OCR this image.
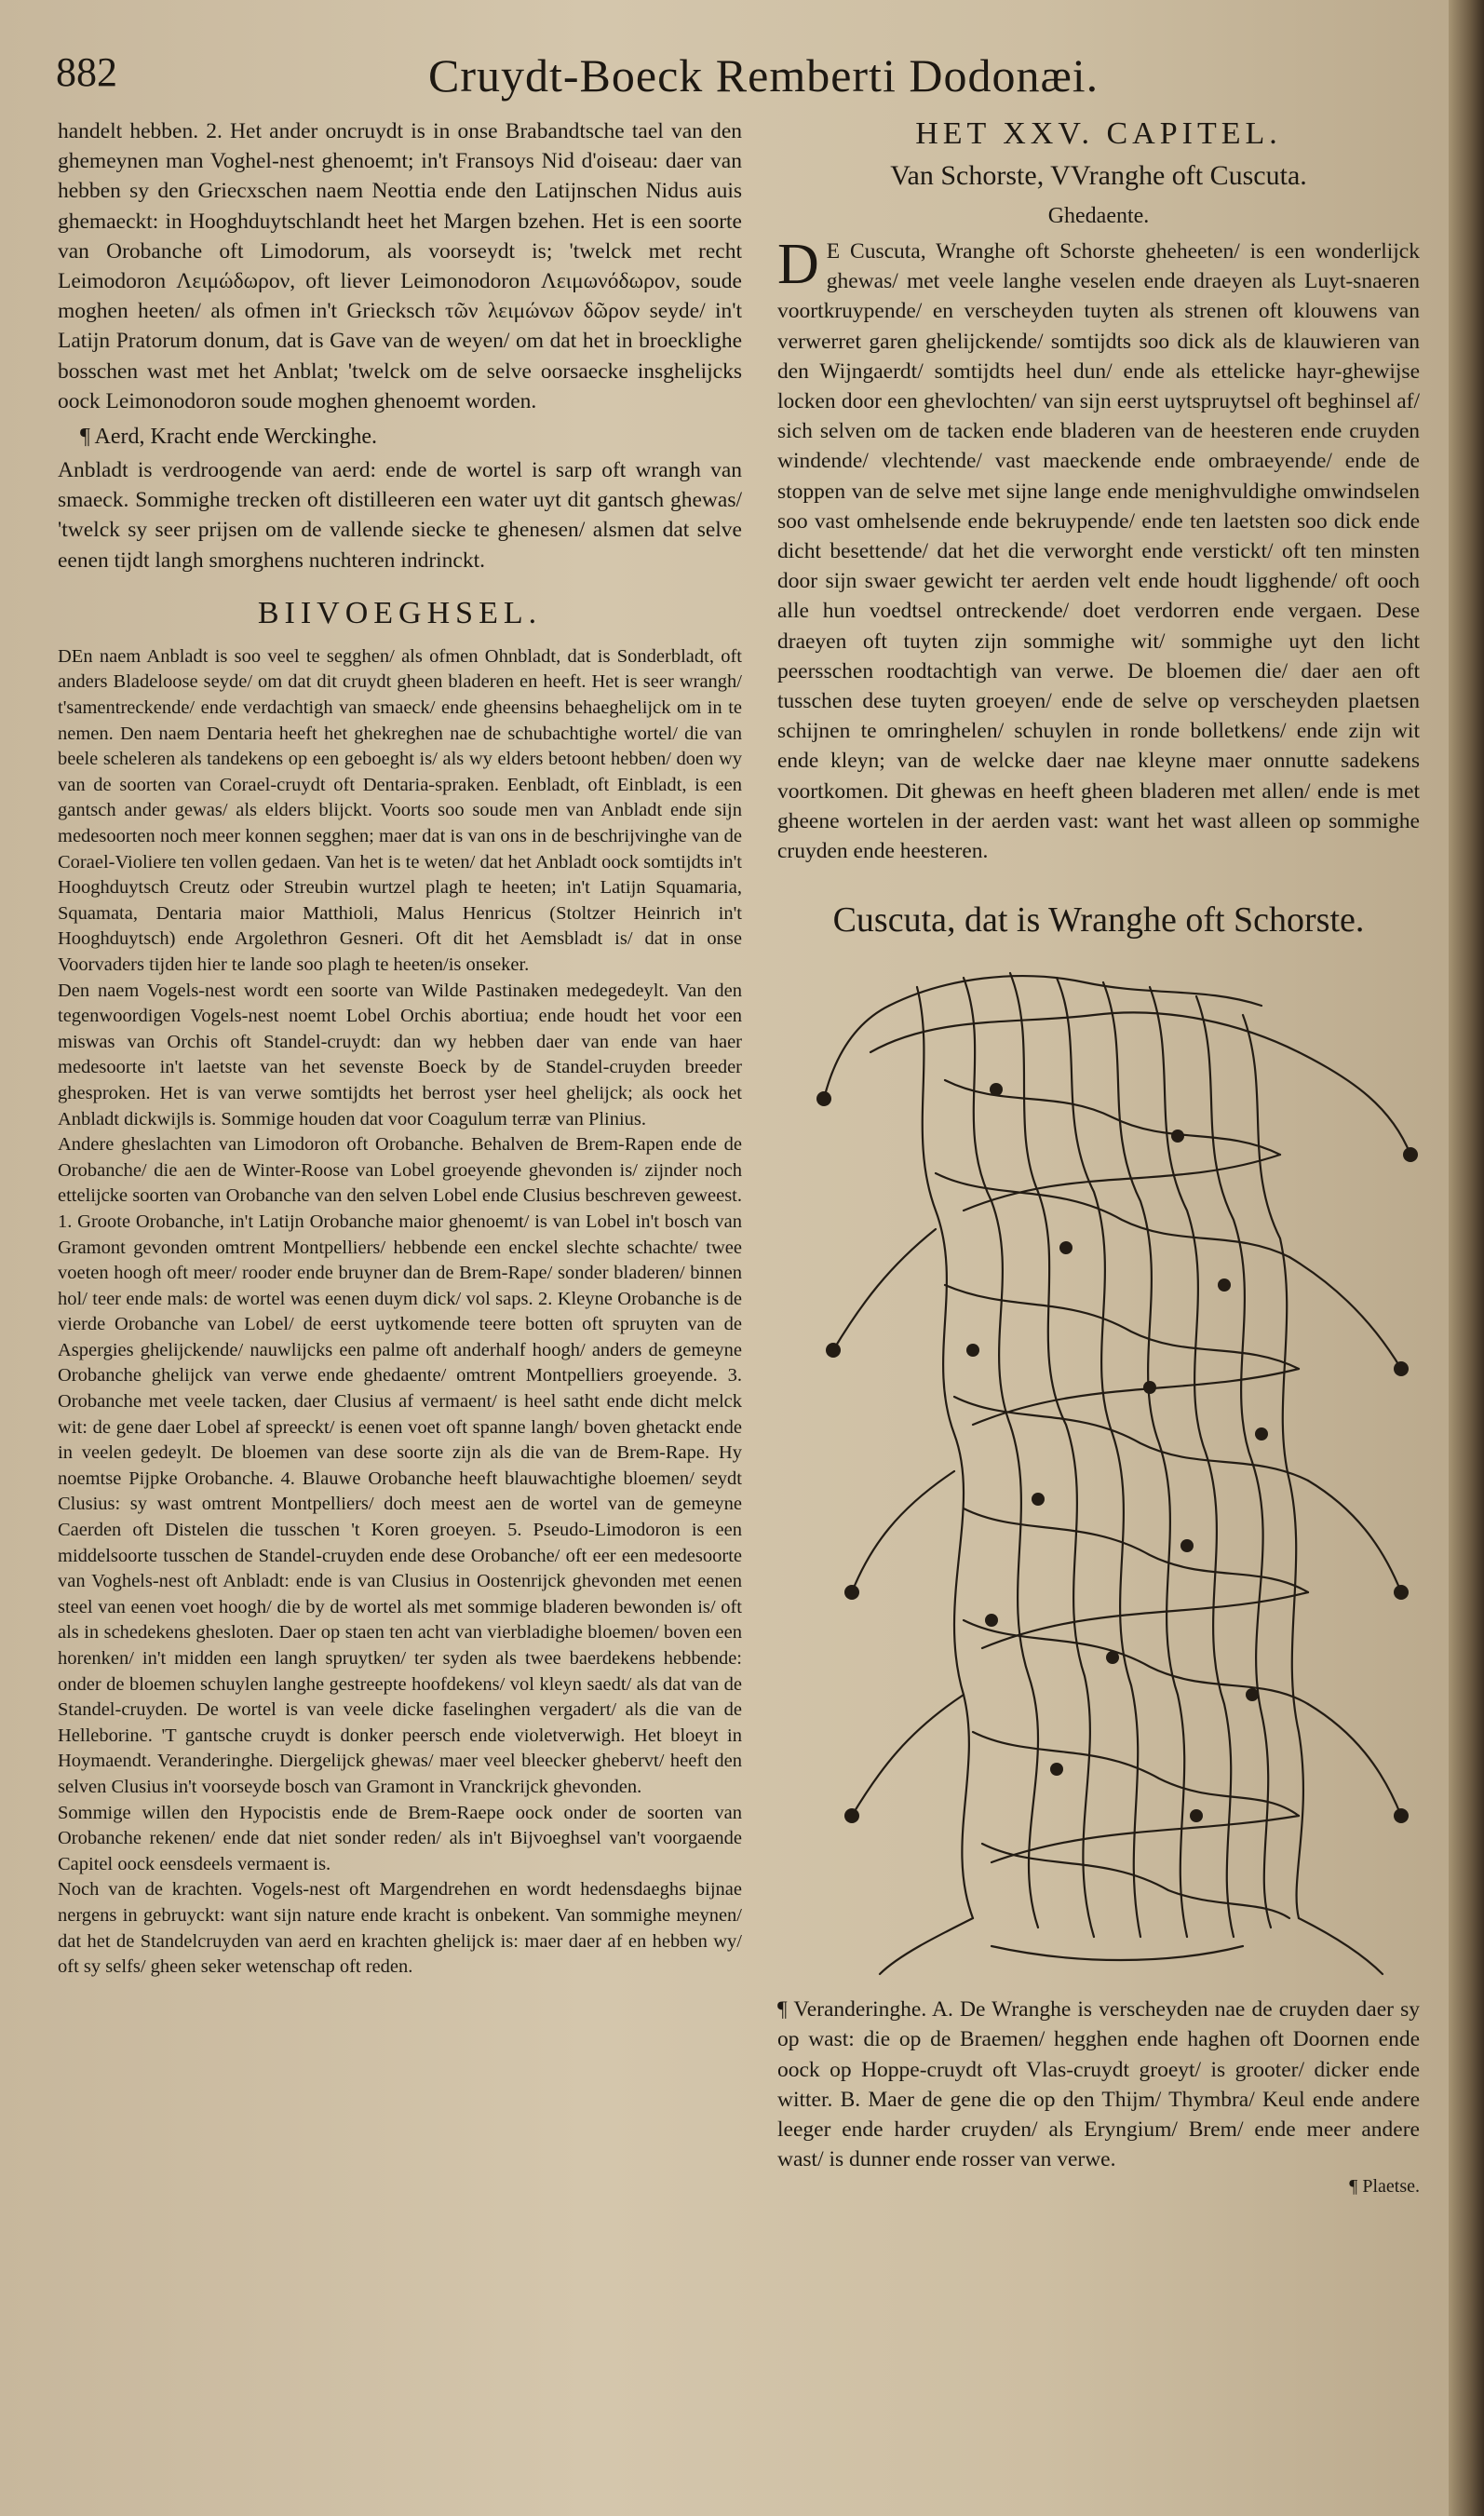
882	Cruydt-Boeck Remberti Dodonæi.

handelt hebben. 2. Het ander oncruydt is in onse Brabandtsche tael van den ghemeynen man Voghel-nest ghenoemt; in't Fransoys Nid d'oiseau: daer van hebben sy den Griecxschen naem Neottia ende den Latijnschen Nidus auis ghemaeckt: in Hooghduytschlandt heet het Margen bzehen. Het is een soorte van Orobanche oft Limodorum, als voorseydt is; 'twelck met recht Leimodoron Λειμώδωρον, oft liever Leimonodoron Λειμωνόδωρον, soude moghen heeten/ als ofmen in't Griecksch τῶν λειμώνων δῶρον seyde/ in't Latijn Pratorum donum, dat is Gave van de weyen/ om dat het in broecklighe bosschen wast met het Anblat; 'twelck om de selve oorsaecke insghelijcks oock Leimonodoron soude moghen ghenoemt worden.

¶ Aerd, Kracht ende Werckinghe.

Anbladt is verdroogende van aerd: ende de wortel is sarp oft wrangh van smaeck. Sommighe trecken oft distilleeren een water uyt dit gantsch ghewas/ 'twelck sy seer prijsen om de vallende siecke te ghenesen/ alsmen dat selve eenen tijdt langh smorghens nuchteren indrinckt.

BIIVOEGHSEL.

DEn naem Anbladt is soo veel te segghen/ als ofmen Ohnbladt, dat is Sonderbladt, oft anders Bladeloose seyde/ om dat dit cruydt gheen bladeren en heeft. Het is seer wrangh/ t'samentreckende/ ende verdachtigh van smaeck/ ende gheensins behaeghelijck om in te nemen. Den naem Dentaria heeft het ghekreghen nae de schubachtighe wortel/ die van beele scheleren als tandekens op een geboeght is/ als wy elders betoont hebben/ doen wy van de soorten van Corael-cruydt oft Dentaria-spraken. Eenbladt, oft Einbladt, is een gantsch ander gewas/ als elders blijckt. Voorts soo soude men van Anbladt ende sijn medesoorten noch meer konnen segghen; maer dat is van ons in de beschrijvinghe van de Corael-Violiere ten vollen gedaen. Van het is te weten/ dat het Anbladt oock somtijdts in't Hooghduytsch Creutz oder Streubin wurtzel plagh te heeten; in't Latijn Squamaria, Squamata, Dentaria maior Matthioli, Malus Henricus (Stoltzer Heinrich in't Hooghduytsch) ende Argolethron Gesneri. Oft dit het Aemsbladt is/ dat in onse Voorvaders tijden hier te lande soo plagh te heeten/is onseker.

Den naem Vogels-nest wordt een soorte van Wilde Pastinaken medegedeylt. Van den tegenwoordigen Vogels-nest noemt Lobel Orchis abortiua; ende houdt het voor een miswas van Orchis oft Standel-cruydt: dan wy hebben daer van ende van haer medesoorte in't laetste van het sevenste Boeck by de Standel-cruyden breeder ghesproken. Het is van verwe somtijdts het berrost yser heel ghelijck; als oock het Anbladt dickwijls is. Sommige houden dat voor Coagulum terræ van Plinius.

Andere gheslachten van Limodoron oft Orobanche. Behalven de Brem-Rapen ende de Orobanche/ die aen de Winter-Roose van Lobel groeyende ghevonden is/ zijnder noch ettelijcke soorten van Orobanche van den selven Lobel ende Clusius beschreven geweest. 1. Groote Orobanche, in't Latijn Orobanche maior ghenoemt/ is van Lobel in't bosch van Gramont gevonden omtrent Montpelliers/ hebbende een enckel slechte schachte/ twee voeten hoogh oft meer/ rooder ende bruyner dan de Brem-Rape/ sonder bladeren/ binnen hol/ teer ende mals: de wortel was eenen duym dick/ vol saps. 2. Kleyne Orobanche is de vierde Orobanche van Lobel/ de eerst uytkomende teere botten oft spruyten van de Aspergies ghelijckende/ nauwlijcks een palme oft anderhalf hoogh/ anders de gemeyne Orobanche ghelijck van verwe ende ghedaente/ omtrent Montpelliers groeyende. 3. Orobanche met veele tacken, daer Clusius af vermaent/ is heel satht ende dicht melck wit: de gene daer Lobel af spreeckt/ is eenen voet oft spanne langh/ boven ghetackt ende in veelen gedeylt. De bloemen van dese soorte zijn als die van de Brem-Rape. Hy noemtse Pijpke Orobanche. 4. Blauwe Orobanche heeft blauwachtighe bloemen/ seydt Clusius: sy wast omtrent Montpelliers/ doch meest aen de wortel van de gemeyne Caerden oft Distelen die tusschen 't Koren groeyen. 5. Pseudo-Limodoron is een middelsoorte tusschen de Standel-cruyden ende dese Orobanche/ oft eer een medesoorte van Voghels-nest oft Anbladt: ende is van Clusius in Oostenrijck ghevonden met eenen steel van eenen voet hoogh/ die by de wortel als met sommige bladeren bewonden is/ oft als in schedekens ghesloten. Daer op staen ten acht van vierbladighe bloemen/ boven een horenken/ in't midden een langh spruytken/ ter syden als twee baerdekens hebbende: onder de bloemen schuylen langhe gestreepte hoofdekens/ vol kleyn saedt/ als dat van de Standel-cruyden. De wortel is van veele dicke faselinghen vergadert/ als die van de Helleborine. 'T gantsche cruydt is donker peersch ende violetverwigh. Het bloeyt in Hoymaendt. Veranderinghe. Diergelijck ghewas/ maer veel bleecker ghebervt/ heeft den selven Clusius in't voorseyde bosch van Gramont in Vranckrijck ghevonden.

Sommige willen den Hypocistis ende de Brem-Raepe oock onder de soorten van Orobanche rekenen/ ende dat niet sonder reden/ als in't Bijvoeghsel van't voorgaende Capitel oock eensdeels vermaent is.

Noch van de krachten. Vogels-nest oft Margendrehen en wordt hedensdaeghs bijnae nergens in gebruyckt: want sijn nature ende kracht is onbekent. Van sommighe meynen/ dat het de Standelcruyden van aerd en krachten ghelijck is: maer daer af en hebben wy/ oft sy selfs/ gheen seker wetenschap oft reden.

HET XXV. CAPITEL.
Van Schorste, VVranghe oft Cuscuta.
Ghedaente.

D E Cuscuta, Wranghe oft Schorste gheheeten/ is een wonderlijck ghewas/ met veele langhe veselen ende draeyen als Luyt-snaeren voortkruypende/ en verscheyden tuyten als strenen oft klouwens van verwerret garen ghelijckende/ somtijdts soo dick als de klauwieren van den Wijngaerdt/ somtijdts heel dun/ ende als ettelicke hayr-ghewijse locken door een ghevlochten/ van sijn eerst uytspruytsel oft beghinsel af/ sich selven om de tacken ende bladeren van de heesteren ende cruyden windende/ vlechtende/ vast maeckende ende ombraeyende/ ende de stoppen van de selve met sijne lange ende menighvuldighe omwindselen soo vast omhelsende ende bekruypende/ ende ten laetsten soo dick ende dicht besettende/ dat het die verworght ende verstickt/ oft ten minsten door sijn swaer gewicht ter aerden velt ende houdt ligghende/ oft ooch alle hun voedtsel ontreckende/ doet verdorren ende vergaen. Dese draeyen oft tuyten zijn sommighe wit/ sommighe uyt den licht peersschen roodtachtigh van verwe. De bloemen die/ daer aen oft tusschen dese tuyten groeyen/ ende de selve op verscheyden plaetsen schijnen te omringhelen/ schuylen in ronde bolletkens/ ende zijn wit ende kleyn; van de welcke daer nae kleyne maer onnutte sadekens voortkomen. Dit ghewas en heeft gheen bladeren met allen/ ende is met gheene wortelen in der aerden vast: want het wast alleen op sommighe cruyden ende heesteren.

Cuscuta, dat is Wranghe oft Schorste.

¶ Veranderinghe. A. De Wranghe is verscheyden nae de cruyden daer sy op wast: die op de Braemen/ hegghen ende haghen oft Doornen ende oock op Hoppe-cruydt oft Vlas-cruydt groeyt/ is grooter/ dicker ende witter. B. Maer de gene die op den Thijm/ Thymbra/ Keul ende andere leeger ende harder cruyden/ als Eryngium/ Brem/ ende meer andere wast/ is dunner ende rosser van verwe.

¶ Plaetse.
